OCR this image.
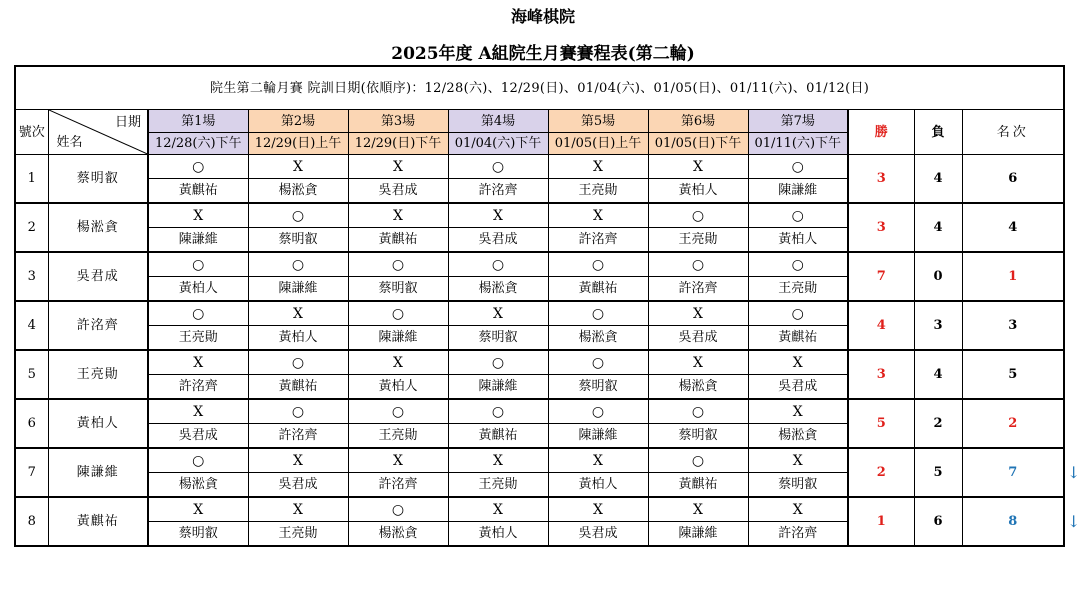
海峰棋院
2025年度 A組院生月賽賽程表(第二輪)
院生第二輪月賽 院訓日期(依順序)：12/28(六)、12/29(日)、01/04(六)、01/05(日)、01/11(六)、01/12(日)											
號次	日期
姓名	第1場	第2場	第3場	第4場	第5場	第6場	第7場	勝	負	名次
		12/28(六)下午	12/29(日)上午	12/29(日)下午	01/04(六)下午	01/05(日)上午	01/05(日)下午	01/11(六)下午			
1	蔡明叡	○	X	X	○	X	X	○	3	4	6
		黃麒祐	楊淞貪	吳君成	許洺齊	王亮勛	黃柏人	陳謙維			
2	楊淞貪	X	○	X	X	X	○	○	3	4	4
		陳謙維	蔡明叡	黃麒祐	吳君成	許洺齊	王亮勛	黃柏人			
3	吳君成	○	○	○	○	○	○	○	7	0	1
		黃柏人	陳謙維	蔡明叡	楊淞貪	黃麒祐	許洺齊	王亮勛			
4	許洺齊	○	X	○	X	○	X	○	4	3	3
		王亮勛	黃柏人	陳謙維	蔡明叡	楊淞貪	吳君成	黃麒祐			
5	王亮勛	X	○	X	○	○	X	X	3	4	5
		許洺齊	黃麒祐	黃柏人	陳謙維	蔡明叡	楊淞貪	吳君成			
6	黃柏人	X	○	○	○	○	○	X	5	2	2
		吳君成	許洺齊	王亮勛	黃麒祐	陳謙維	蔡明叡	楊淞貪			
7	陳謙維	○	X	X	X	X	○	X	2	5	7
		楊淞貪	吳君成	許洺齊	王亮勛	黃柏人	黃麒祐	蔡明叡			
8	黃麒祐	X	X	○	X	X	X	X	1	6	8
		蔡明叡	王亮勛	楊淞貪	黃柏人	吳君成	陳謙維	許洺齊			
↓
↓
